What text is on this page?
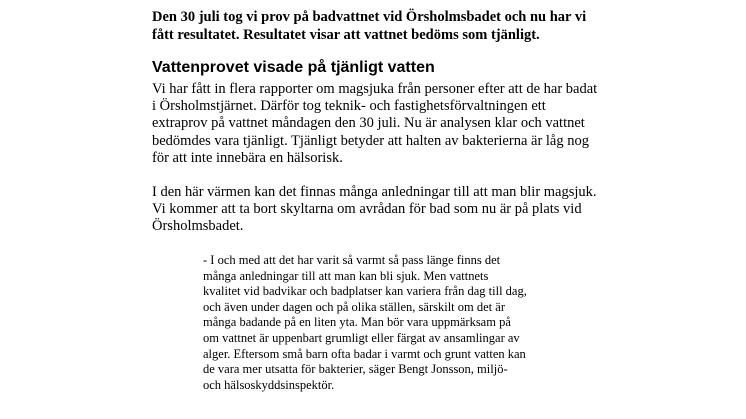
Den 30 juli tog vi prov på badvattnet vid Örsholmsbadet och nu har vi
fått resultatet. Resultatet visar att vattnet bedöms som tjänligt.

Vattenprovet visade på tjänligt vatten

Vi har fått in flera rapporter om magsjuka från personer efter att de har badat
i Örsholmstjärnet. Därför tog teknik- och fastighetsförvaltningen ett
extraprov på vattnet måndagen den 30 juli. Nu är analysen klar och vattnet
bedömdes vara tjänligt. Tjänligt betyder att halten av bakterierna är låg nog
för att inte innebära en hälsorisk.

I den här värmen kan det finnas många anledningar till att man blir magsjuk.
Vi kommer att ta bort skyltarna om avrådan för bad som nu är på plats vid
Örsholmsbadet.

- I och med att det har varit så varmt så pass länge finns det
många anledningar till att man kan bli sjuk. Men vattnets
kvalitet vid badvikar och badplatser kan variera från dag till dag,
och även under dagen och på olika ställen, särskilt om det är
många badande på en liten yta. Man bör vara uppmärksam på
om vattnet är uppenbart grumligt eller färgat av ansamlingar av
alger. Eftersom små barn ofta badar i varmt och grunt vatten kan
de vara mer utsatta för bakterier, säger Bengt Jonsson, miljö-
och hälsoskyddsinspektör.
